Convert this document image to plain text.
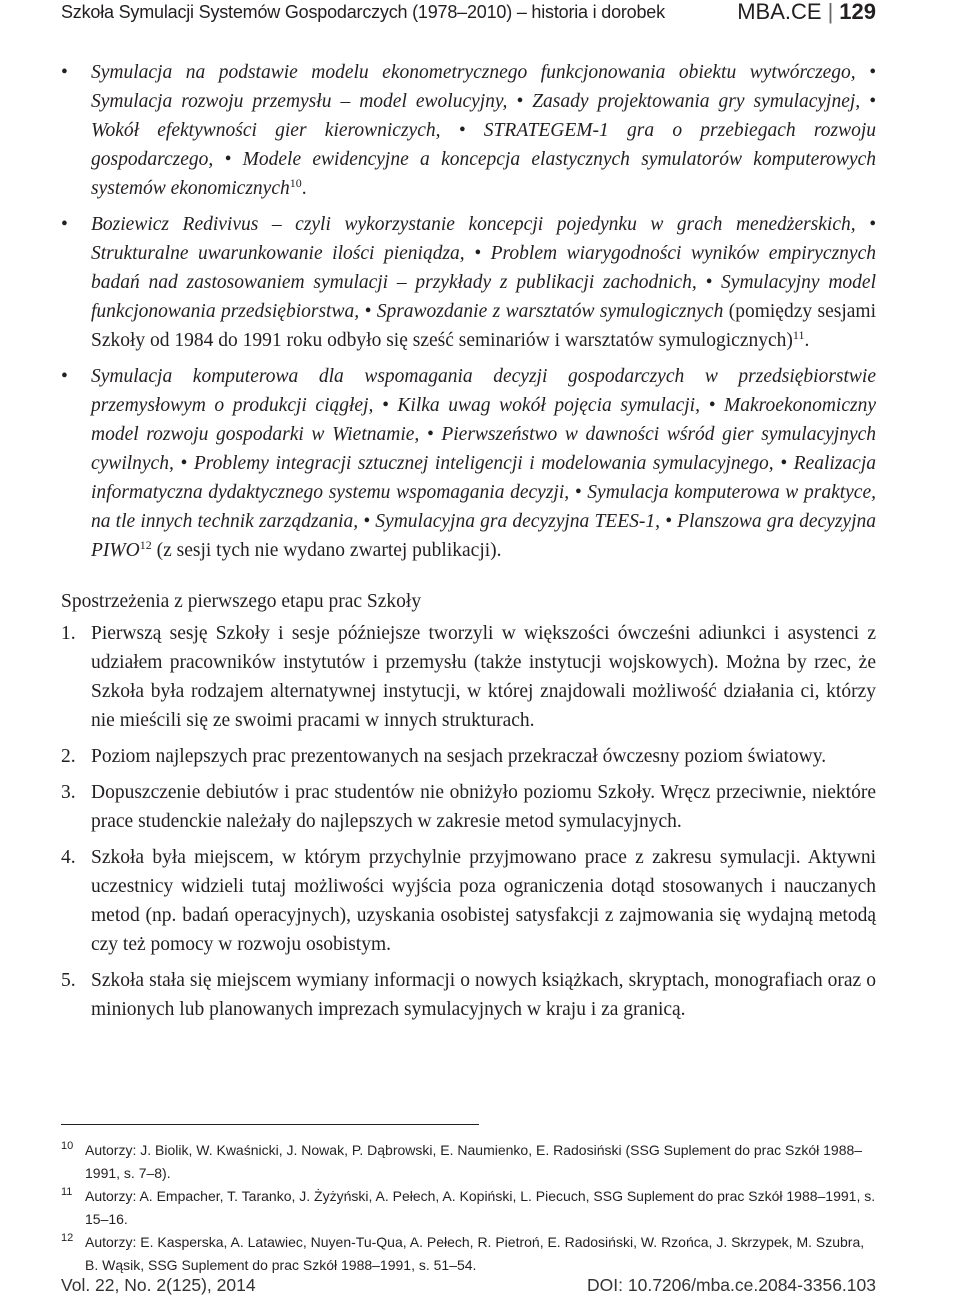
Szkoła Symulacji Systemów Gospodarczych (1978–2010) – historia i dorobek	MBA.CE | 129
• Symulacja na podstawie modelu ekonometrycznego funkcjonowania obiektu wytwórczego, • Symulacja rozwoju przemysłu – model ewolucyjny, • Zasady projektowania gry symulacyjnej, • Wokół efektywności gier kierowniczych, • STRATEGEM-1 gra o przebiegach rozwoju gospodarczego, • Modele ewidencyjne a koncepcja elastycznych symulatorów komputerowych systemów ekonomicznych$^{10}$.
• Boziewicz Redivivus – czyli wykorzystanie koncepcji pojedynku w grach menedżerskich, • Strukturalne uwarunkowanie ilości pieniądza, • Problem wiarygodności wyników empirycznych badań nad zastosowaniem symulacji – przykłady z publikacji zachodnich, • Symulacyjny model funkcjonowania przedsiębiorstwa, • Sprawozdanie z warsztatów symulogicznych (pomiędzy sesjami Szkoły od 1984 do 1991 roku odbyło się sześć seminariów i warsztatów symulogicznych)$^{11}$.
• Symulacja komputerowa dla wspomagania decyzji gospodarczych w przedsiębiorstwie przemysłowym o produkcji ciągłej, • Kilka uwag wokół pojęcia symulacji, • Makroekonomiczny model rozwoju gospodarki w Wietnamie, • Pierwszeństwo w dawności wśród gier symulacyjnych cywilnych, • Problemy integracji sztucznej inteligencji i modelowania symulacyjnego, • Realizacja informatyczna dydaktycznego systemu wspomagania decyzji, • Symulacja komputerowa w praktyce, na tle innych technik zarządzania, • Symulacyjna gra decyzyjna TEES-1, • Planszowa gra decyzyjna PIWO$^{12}$ (z sesji tych nie wydano zwartej publikacji).
Spostrzeżenia z pierwszego etapu prac Szkoły
1. Pierwszą sesję Szkoły i sesje późniejsze tworzyli w większości ówcześni adiunkci i asystenci z udziałem pracowników instytutów i przemysłu (także instytucji wojskowych). Można by rzec, że Szkoła była rodzajem alternatywnej instytucji, w której znajdowali możliwość działania ci, którzy nie mieścili się ze swoimi pracami w innych strukturach.
2. Poziom najlepszych prac prezentowanych na sesjach przekraczał ówczesny poziom światowy.
3. Dopuszczenie debiutów i prac studentów nie obniżyło poziomu Szkoły. Wręcz przeciwnie, niektóre prace studenckie należały do najlepszych w zakresie metod symulacyjnych.
4. Szkoła była miejscem, w którym przychylnie przyjmowano prace z zakresu symulacji. Aktywni uczestnicy widzieli tutaj możliwości wyjścia poza ograniczenia dotąd stosowanych i nauczanych metod (np. badań operacyjnych), uzyskania osobistej satysfakcji z zajmowania się wydajną metodą czy też pomocy w rozwoju osobistym.
5. Szkoła stała się miejscem wymiany informacji o nowych książkach, skryptach, monografiach oraz o minionych lub planowanych imprezach symulacyjnych w kraju i za granicą.
10 Autorzy: J. Biolik, W. Kwaśnicki, J. Nowak, P. Dąbrowski, E. Naumienko, E. Radosiński (SSG Suplement do prac Szkół 1988–1991, s. 7–8).
11 Autorzy: A. Empacher, T. Taranko, J. Żyżyński, A. Pełech, A. Kopiński, L. Piecuch, SSG Suplement do prac Szkół 1988–1991, s. 15–16.
12 Autorzy: E. Kasperska, A. Latawiec, Nuyen-Tu-Qua, A. Pełech, R. Pietroń, E. Radosiński, W. Rzońca, J. Skrzypek, M. Szubra, B. Wąsik, SSG Suplement do prac Szkół 1988–1991, s. 51–54.
Vol. 22, No. 2(125), 2014	DOI: 10.7206/mba.ce.2084-3356.103
